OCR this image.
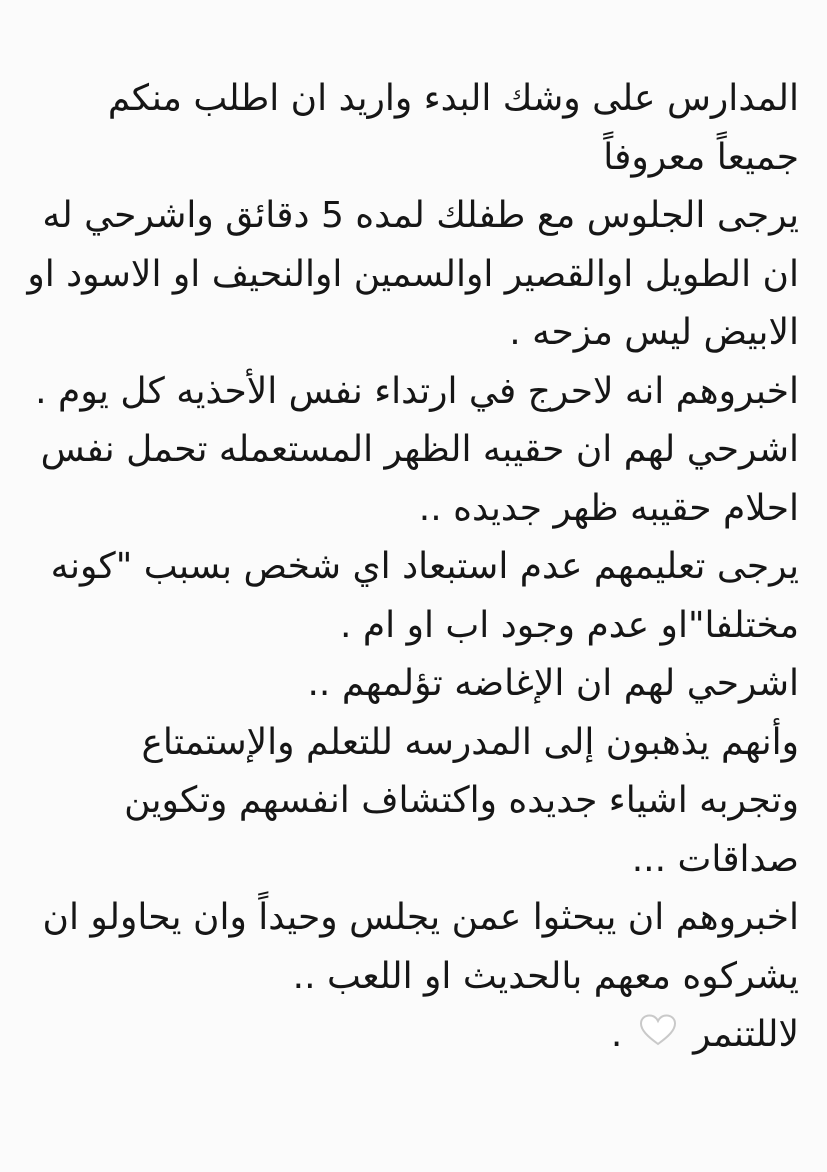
المدارس على وشك البدء واريد ان اطلب منكم
جميعاً معروفاً
يرجى الجلوس مع طفلك لمده 5 دقائق واشرحي له
ان الطويل اوالقصير اوالسمين اوالنحيف او الاسود او
الابيض ليس مزحه .
اخبروهم انه لاحرج في ارتداء نفس الأحذيه كل يوم .
اشرحي لهم ان حقيبه الظهر المستعمله تحمل نفس
احلام حقيبه ظهر جديده ..
يرجى تعليمهم عدم استبعاد اي شخص بسبب "كونه
مختلفا"او عدم وجود اب او ام .
اشرحي لهم ان الإغاضه تؤلمهم ..
وأنهم يذهبون إلى المدرسه للتعلم والإستمتاع
وتجربه اشياء جديده واكتشاف انفسهم وتكوين
صداقات ...
اخبروهم ان يبحثوا عمن يجلس وحيداً وان يحاولو ان
يشركوه معهم بالحديث او اللعب ..
لاللتنمر  .
